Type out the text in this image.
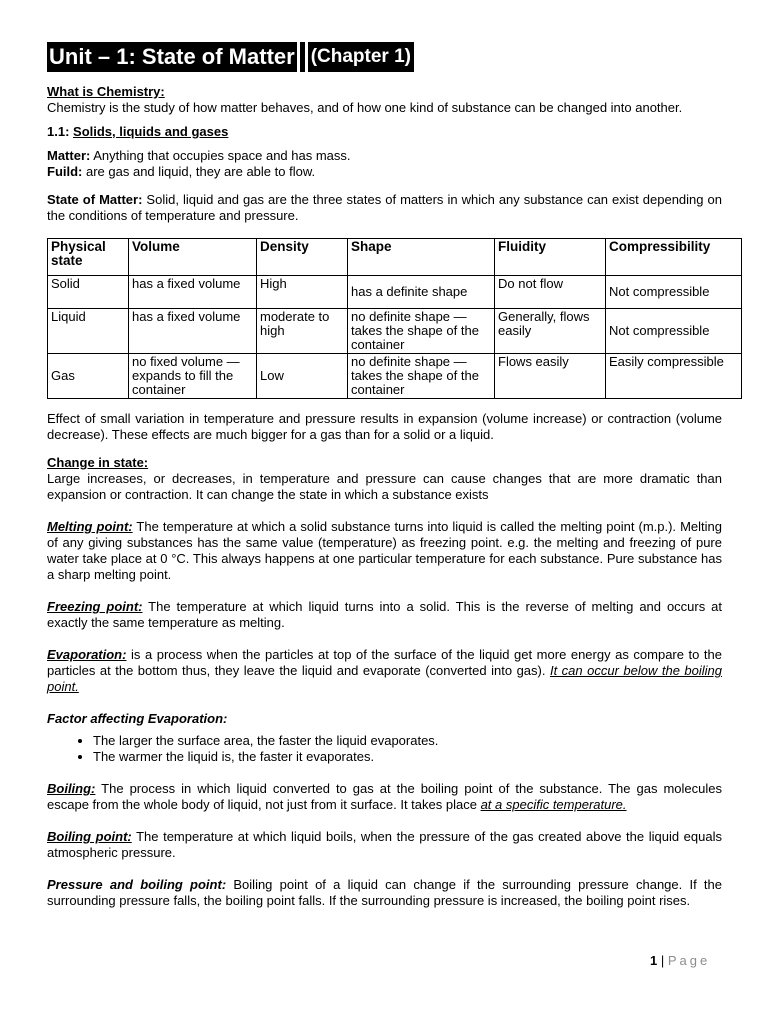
Unit – 1: State of Matter (Chapter 1)

What is Chemistry:

Chemistry is the study of how matter behaves, and of how one kind of substance can be changed into another.

1.1: Solids, liquids and gases

Matter: Anything that occupies space and has mass.

Fuild: are gas and liquid, they are able to flow.

State of Matter: Solid, liquid and gas are the three states of matters in which any substance can exist depending on the conditions of temperature and pressure.

Physical state	Volume	Density	Shape	Fluidity	Compressibility
Solid	has a fixed volume	High	has a definite shape	Do not flow	Not compressible
Liquid	has a fixed volume	moderate to high	no definite shape — takes the shape of the container	Generally, flows easily	Not compressible
Gas	no fixed volume — expands to fill the container	Low	no definite shape — takes the shape of the container	Flows easily	Easily compressible

Effect of small variation in temperature and pressure results in expansion (volume increase) or contraction (volume decrease). These effects are much bigger for a gas than for a solid or a liquid.

Change in state:

Large increases, or decreases, in temperature and pressure can cause changes that are more dramatic than expansion or contraction. It can change the state in which a substance exists

Melting point: The temperature at which a solid substance turns into liquid is called the melting point (m.p.). Melting of any giving substances has the same value (temperature) as freezing point. e.g. the melting and freezing of pure water take place at 0 °C. This always happens at one particular temperature for each substance. Pure substance has a sharp melting point.

Freezing point: The temperature at which liquid turns into a solid. This is the reverse of melting and occurs at exactly the same temperature as melting.

Evaporation: is a process when the particles at top of the surface of the liquid get more energy as compare to the particles at the bottom thus, they leave the liquid and evaporate (converted into gas). It can occur below the boiling point.

Factor affecting Evaporation:

• The larger the surface area, the faster the liquid evaporates.
• The warmer the liquid is, the faster it evaporates.

Boiling: The process in which liquid converted to gas at the boiling point of the substance. The gas molecules escape from the whole body of liquid, not just from it surface. It takes place at a specific temperature.

Boiling point: The temperature at which liquid boils, when the pressure of the gas created above the liquid equals atmospheric pressure.

Pressure and boiling point: Boiling point of a liquid can change if the surrounding pressure change. If the surrounding pressure falls, the boiling point falls. If the surrounding pressure is increased, the boiling point rises.

1 | Page
